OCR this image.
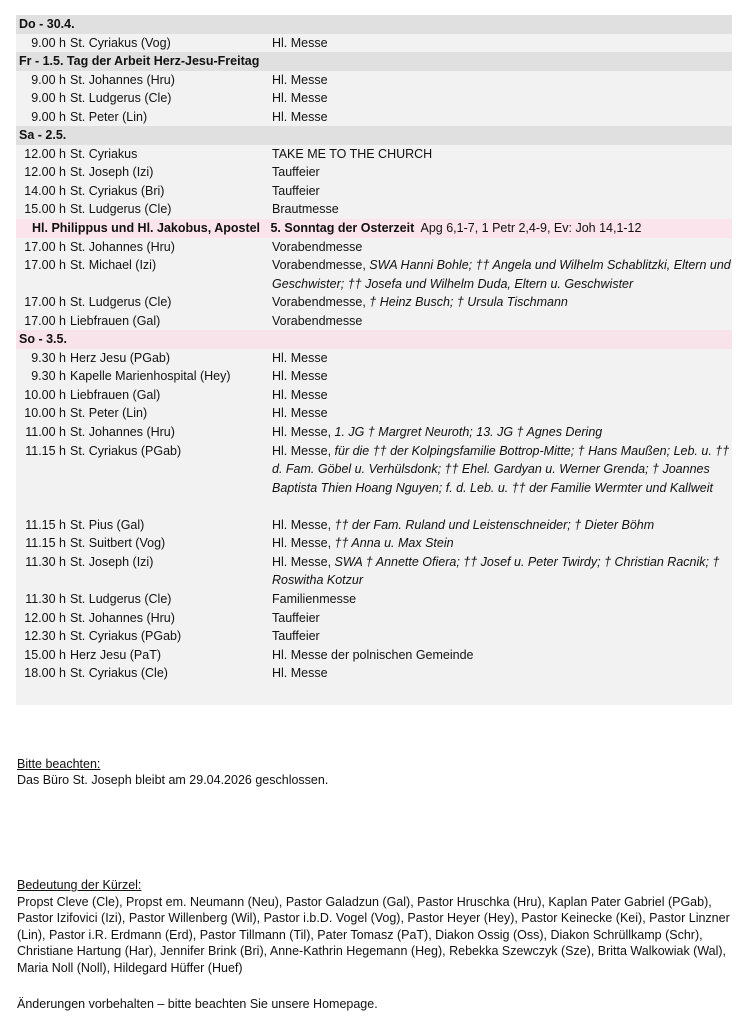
Do - 30.4.
9.00 h St. Cyriakus (Vog)	Hl. Messe
Fr - 1.5. Tag der Arbeit Herz-Jesu-Freitag
9.00 h St. Johannes (Hru)	Hl. Messe
9.00 h St. Ludgerus (Cle)	Hl. Messe
9.00 h St. Peter (Lin)	Hl. Messe
Sa - 2.5.
12.00 h St. Cyriakus	TAKE ME TO THE CHURCH
12.00 h St. Joseph (Izi)	Tauffeier
14.00 h St. Cyriakus (Bri)	Tauffeier
15.00 h St. Ludgerus (Cle)	Brautmesse
Hl. Philippus und Hl. Jakobus, Apostel 5. Sonntag der Osterzeit Apg 6,1-7, 1 Petr 2,4-9, Ev: Joh 14,1-12
17.00 h St. Johannes (Hru)	Vorabendmesse
17.00 h St. Michael (Izi)	Vorabendmesse, SWA Hanni Bohle; †† Angela und Wilhelm Schablitzki, Eltern und Geschwister; †† Josefa und Wilhelm Duda, Eltern u. Geschwister
17.00 h St. Ludgerus (Cle)	Vorabendmesse, † Heinz Busch; † Ursula Tischmann
17.00 h Liebfrauen (Gal)	Vorabendmesse
So - 3.5.
9.30 h Herz Jesu (PGab)	Hl. Messe
9.30 h Kapelle Marienhospital (Hey)	Hl. Messe
10.00 h Liebfrauen (Gal)	Hl. Messe
10.00 h St. Peter (Lin)	Hl. Messe
11.00 h St. Johannes (Hru)	Hl. Messe, 1. JG † Margret Neuroth; 13. JG † Agnes Dering
11.15 h St. Cyriakus (PGab)	Hl. Messe, für die †† der Kolpingsfamilie Bottrop-Mitte; † Hans Maußen; Leb. u. †† d. Fam. Göbel u. Verhülsdonk; †† Ehel. Gardyan u. Werner Grenda; † Joannes Baptista Thien Hoang Nguyen; f. d. Leb. u. †† der Familie Wermter und Kallweit
11.15 h St. Pius (Gal)	Hl. Messe, †† der Fam. Ruland und Leistenschneider; † Dieter Böhm
11.15 h St. Suitbert (Vog)	Hl. Messe, †† Anna u. Max Stein
11.30 h St. Joseph (Izi)	Hl. Messe, SWA † Annette Ofiera; †† Josef u. Peter Twirdy; † Christian Racnik; † Roswitha Kotzur
11.30 h St. Ludgerus (Cle)	Familienmesse
12.00 h St. Johannes (Hru)	Tauffeier
12.30 h St. Cyriakus (PGab)	Tauffeier
15.00 h Herz Jesu (PaT)	Hl. Messe der polnischen Gemeinde
18.00 h St. Cyriakus (Cle)	Hl. Messe
Bitte beachten:
Das Büro St. Joseph bleibt am 29.04.2026 geschlossen.
Bedeutung der Kürzel:
Propst Cleve (Cle), Propst em. Neumann (Neu), Pastor Galadzun (Gal), Pastor Hruschka (Hru), Kaplan Pater Gabriel (PGab), Pastor Izifovici (Izi), Pastor Willenberg (Wil), Pastor i.b.D. Vogel (Vog), Pastor Heyer (Hey), Pastor Keinecke (Kei), Pastor Linzner (Lin), Pastor i.R. Erdmann (Erd), Pastor Tillmann (Til), Pater Tomasz (PaT), Diakon Ossig (Oss), Diakon Schrüllkamp (Schr), Christiane Hartung (Har), Jennifer Brink (Bri), Anne-Kathrin Hegemann (Heg), Rebekka Szewczyk (Sze), Britta Walkowiak (Wal), Maria Noll (Noll), Hildegard Hüffer (Huef)
Änderungen vorbehalten – bitte beachten Sie unsere Homepage.
